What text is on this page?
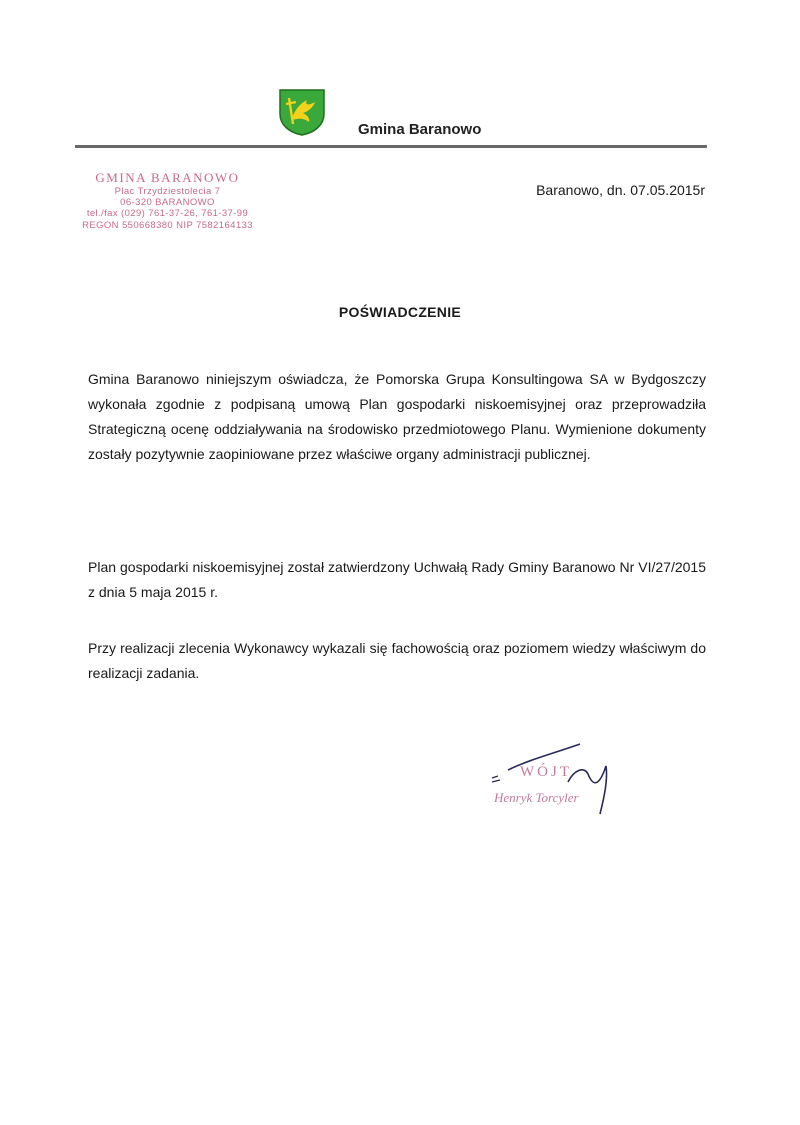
Gmina Baranowo
GMINA BARANOWO
Plac Trzydziestolecia 7
06-320 BARANOWO
tel./fax (029) 761-37-26, 761-37-99
REGON 550668380 NIP 7582164133
Baranowo, dn. 07.05.2015r
POŚWIADCZENIE

Gmina Baranowo niniejszym oświadcza, że Pomorska Grupa Konsultingowa SA w Bydgoszczy wykonała zgodnie z podpisaną umową Plan gospodarki niskoemisyjnej oraz przeprowadziła Strategiczną ocenę oddziaływania na środowisko przedmiotowego Planu. Wymienione dokumenty zostały pozytywnie zaopiniowane przez właściwe organy administracji publicznej.

Plan gospodarki niskoemisyjnej został zatwierdzony Uchwałą Rady Gminy Baranowo Nr VI/27/2015 z dnia 5 maja 2015 r.

Przy realizacji zlecenia Wykonawcy wykazali się fachowością oraz poziomem wiedzy właściwym do realizacji zadania.

WÓJT
Henryk Torcyler
